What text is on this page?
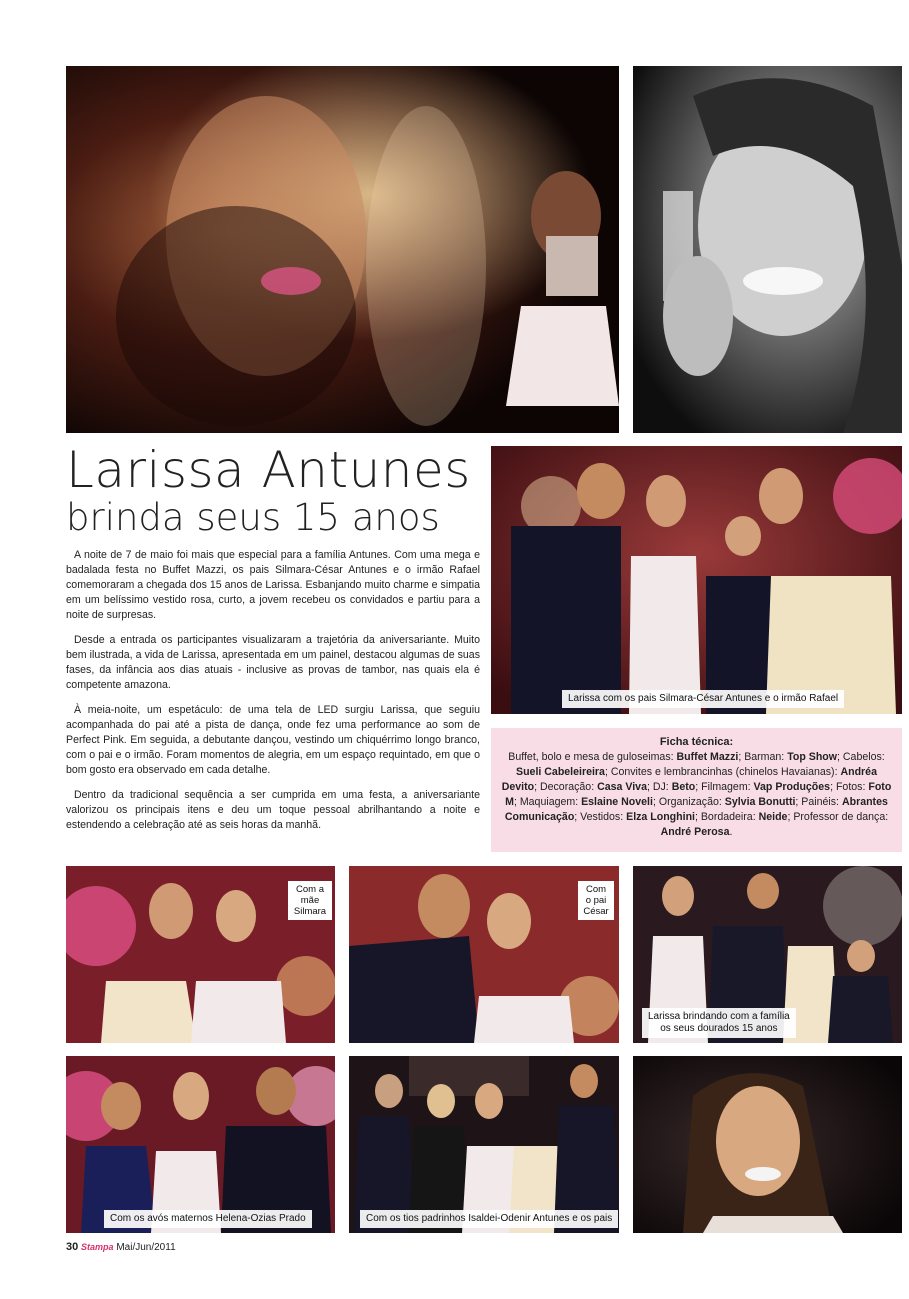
Larissa Antunes
brinda seus 15 anos

A noite de 7 de maio foi mais que especial para a família Antunes. Com uma mega e badalada festa no Buffet Mazzi, os pais Silmara-César Antunes e o irmão Rafael comemoraram a chegada dos 15 anos de Larissa. Esbanjando muito charme e simpatia em um belíssimo vestido rosa, curto, a jovem recebeu os convidados e partiu para a noite de surpresas.

Desde a entrada os participantes visualizaram a trajetória da aniversariante. Muito bem ilustrada, a vida de Larissa, apresentada em um painel, destacou algumas de suas fases, da infância aos dias atuais - inclusive as provas de tambor, nas quais ela é competente amazona.

À meia-noite, um espetáculo: de uma tela de LED surgiu Larissa, que seguiu acompanhada do pai até a pista de dança, onde fez uma performance ao som de Perfect Pink. Em seguida, a debutante dançou, vestindo um chiquérrimo longo branco, com o pai e o irmão. Foram momentos de alegria, em um espaço requintado, em que o bom gosto era observado em cada detalhe.

Dentro da tradicional sequência a ser cumprida em uma festa, a aniversariante valorizou os principais itens e deu um toque pessoal abrilhantando a noite e estendendo a celebração até as seis horas da manhã.

Larissa com os pais Silmara-César Antunes e o irmão Rafael
Ficha técnica:
Buffet, bolo e mesa de guloseimas: Buffet Mazzi; Barman: Top Show; Cabelos: Sueli Cabeleireira; Convites e lembrancinhas (chinelos Havaianas): Andréa Devito; Decoração: Casa Viva; DJ: Beto; Filmagem: Vap Produções; Fotos: Foto M; Maquiagem: Eslaine Noveli; Organização: Sylvia Bonutti; Painéis: Abrantes Comunicação; Vestidos: Elza Longhini; Bordadeira: Neide; Professor de dança: André Perosa.
Com a
mãe
Silmara
Com
o pai
César
Larissa brindando com a família
os seus dourados 15 anos
Com os avós maternos Helena-Ozias Prado	Com os tios padrinhos Isaldei-Odenir Antunes e os pais
30 Stampa Mai/Jun/2011
